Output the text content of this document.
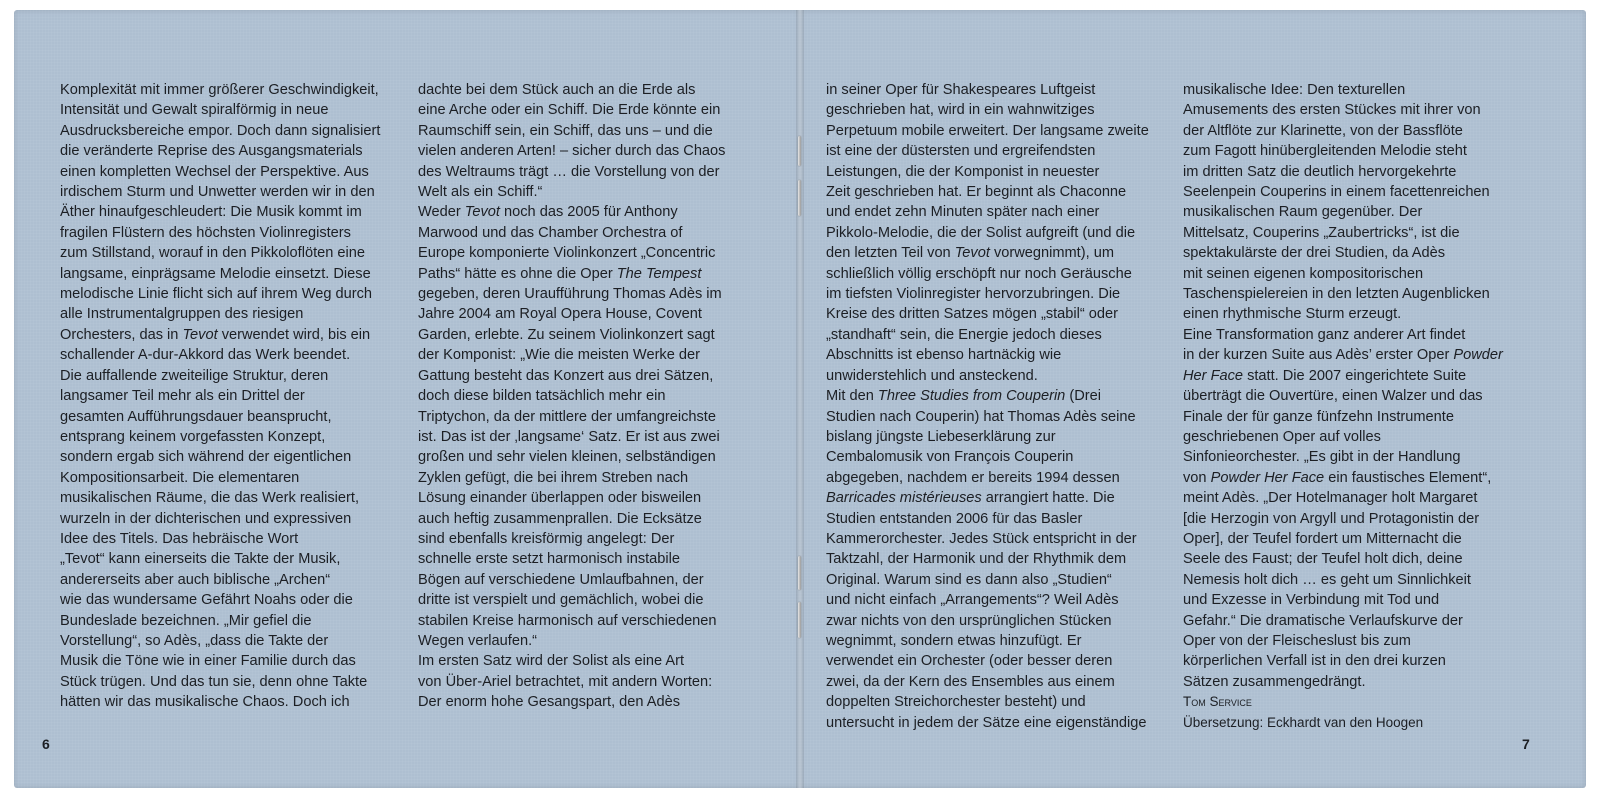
Komplexität mit immer größerer Geschwindigkeit,
Intensität und Gewalt spiralförmig in neue
Ausdrucksbereiche empor. Doch dann signalisiert
die veränderte Reprise des Ausgangsmaterials
einen kompletten Wechsel der Perspektive. Aus
irdischem Sturm und Unwetter werden wir in den
Äther hinaufgeschleudert: Die Musik kommt im
fragilen Flüstern des höchsten Violinregisters
zum Stillstand, worauf in den Pikkoloflöten eine
langsame, einprägsame Melodie einsetzt. Diese
melodische Linie flicht sich auf ihrem Weg durch
alle Instrumentalgruppen des riesigen
Orchesters, das in Tevot verwendet wird, bis ein
schallender A-dur-Akkord das Werk beendet.
Die auffallende zweiteilige Struktur, deren
langsamer Teil mehr als ein Drittel der
gesamten Aufführungsdauer beansprucht,
entsprang keinem vorgefassten Konzept,
sondern ergab sich während der eigentlichen
Kompositionsarbeit. Die elementaren
musikalischen Räume, die das Werk realisiert,
wurzeln in der dichterischen und expressiven
Idee des Titels. Das hebräische Wort
„Tevot“ kann einerseits die Takte der Musik,
andererseits aber auch biblische „Archen“
wie das wundersame Gefährt Noahs oder die
Bundeslade bezeichnen. „Mir gefiel die
Vorstellung“, so Adès, „dass die Takte der
Musik die Töne wie in einer Familie durch das
Stück trügen. Und das tun sie, denn ohne Takte
hätten wir das musikalische Chaos. Doch ich
dachte bei dem Stück auch an die Erde als
eine Arche oder ein Schiff. Die Erde könnte ein
Raumschiff sein, ein Schiff, das uns – und die
vielen anderen Arten! – sicher durch das Chaos
des Weltraums trägt … die Vorstellung von der
Welt als ein Schiff.“
Weder Tevot noch das 2005 für Anthony
Marwood und das Chamber Orchestra of
Europe komponierte Violinkonzert „Concentric
Paths“ hätte es ohne die Oper The Tempest
gegeben, deren Uraufführung Thomas Adès im
Jahre 2004 am Royal Opera House, Covent
Garden, erlebte. Zu seinem Violinkonzert sagt
der Komponist: „Wie die meisten Werke der
Gattung besteht das Konzert aus drei Sätzen,
doch diese bilden tatsächlich mehr ein
Triptychon, da der mittlere der umfangreichste
ist. Das ist der ‚langsame‘ Satz. Er ist aus zwei
großen und sehr vielen kleinen, selbständigen
Zyklen gefügt, die bei ihrem Streben nach
Lösung einander überlappen oder bisweilen
auch heftig zusammenprallen. Die Ecksätze
sind ebenfalls kreisförmig angelegt: Der
schnelle erste setzt harmonisch instabile
Bögen auf verschiedene Umlaufbahnen, der
dritte ist verspielt und gemächlich, wobei die
stabilen Kreise harmonisch auf verschiedenen
Wegen verlaufen.“
Im ersten Satz wird der Solist als eine Art
von Über-Ariel betrachtet, mit andern Worten:
Der enorm hohe Gesangspart, den Adès
6
in seiner Oper für Shakespeares Luftgeist
geschrieben hat, wird in ein wahnwitziges
Perpetuum mobile erweitert. Der langsame zweite
ist eine der düstersten und ergreifendsten
Leistungen, die der Komponist in neuester
Zeit geschrieben hat. Er beginnt als Chaconne
und endet zehn Minuten später nach einer
Pikkolo-Melodie, die der Solist aufgreift (und die
den letzten Teil von Tevot vorwegnimmt), um
schließlich völlig erschöpft nur noch Geräusche
im tiefsten Violinregister hervorzubringen. Die
Kreise des dritten Satzes mögen „stabil“ oder
„standhaft“ sein, die Energie jedoch dieses
Abschnitts ist ebenso hartnäckig wie
unwiderstehlich und ansteckend.
Mit den Three Studies from Couperin (Drei
Studien nach Couperin) hat Thomas Adès seine
bislang jüngste Liebeserklärung zur
Cembalomusik von François Couperin
abgegeben, nachdem er bereits 1994 dessen
Barricades mistérieuses arrangiert hatte. Die
Studien entstanden 2006 für das Basler
Kammerorchester. Jedes Stück entspricht in der
Taktzahl, der Harmonik und der Rhythmik dem
Original. Warum sind es dann also „Studien“
und nicht einfach „Arrangements“? Weil Adès
zwar nichts von den ursprünglichen Stücken
wegnimmt, sondern etwas hinzufügt. Er
verwendet ein Orchester (oder besser deren
zwei, da der Kern des Ensembles aus einem
doppelten Streichorchester besteht) und
untersucht in jedem der Sätze eine eigenständige
musikalische Idee: Den texturellen
Amusements des ersten Stückes mit ihrer von
der Altflöte zur Klarinette, von der Bassflöte
zum Fagott hinübergleitenden Melodie steht
im dritten Satz die deutlich hervorgekehrte
Seelenpein Couperins in einem facettenreichen
musikalischen Raum gegenüber. Der
Mittelsatz, Couperins „Zaubertricks“, ist die
spektakulärste der drei Studien, da Adès
mit seinen eigenen kompositorischen
Taschenspielereien in den letzten Augenblicken
einen rhythmische Sturm erzeugt.
Eine Transformation ganz anderer Art findet
in der kurzen Suite aus Adès’ erster Oper Powder
Her Face statt. Die 2007 eingerichtete Suite
überträgt die Ouvertüre, einen Walzer und das
Finale der für ganze fünfzehn Instrumente
geschriebenen Oper auf volles
Sinfonieorchester. „Es gibt in der Handlung
von Powder Her Face ein faustisches Element“,
meint Adès. „Der Hotelmanager holt Margaret
[die Herzogin von Argyll und Protagonistin der
Oper], der Teufel fordert um Mitternacht die
Seele des Faust; der Teufel holt dich, deine
Nemesis holt dich … es geht um Sinnlichkeit
und Exzesse in Verbindung mit Tod und
Gefahr.“ Die dramatische Verlaufskurve der
Oper von der Fleischeslust bis zum
körperlichen Verfall ist in den drei kurzen
Sätzen zusammengedrängt.
Tom Service
Übersetzung: Eckhardt van den Hoogen
7
